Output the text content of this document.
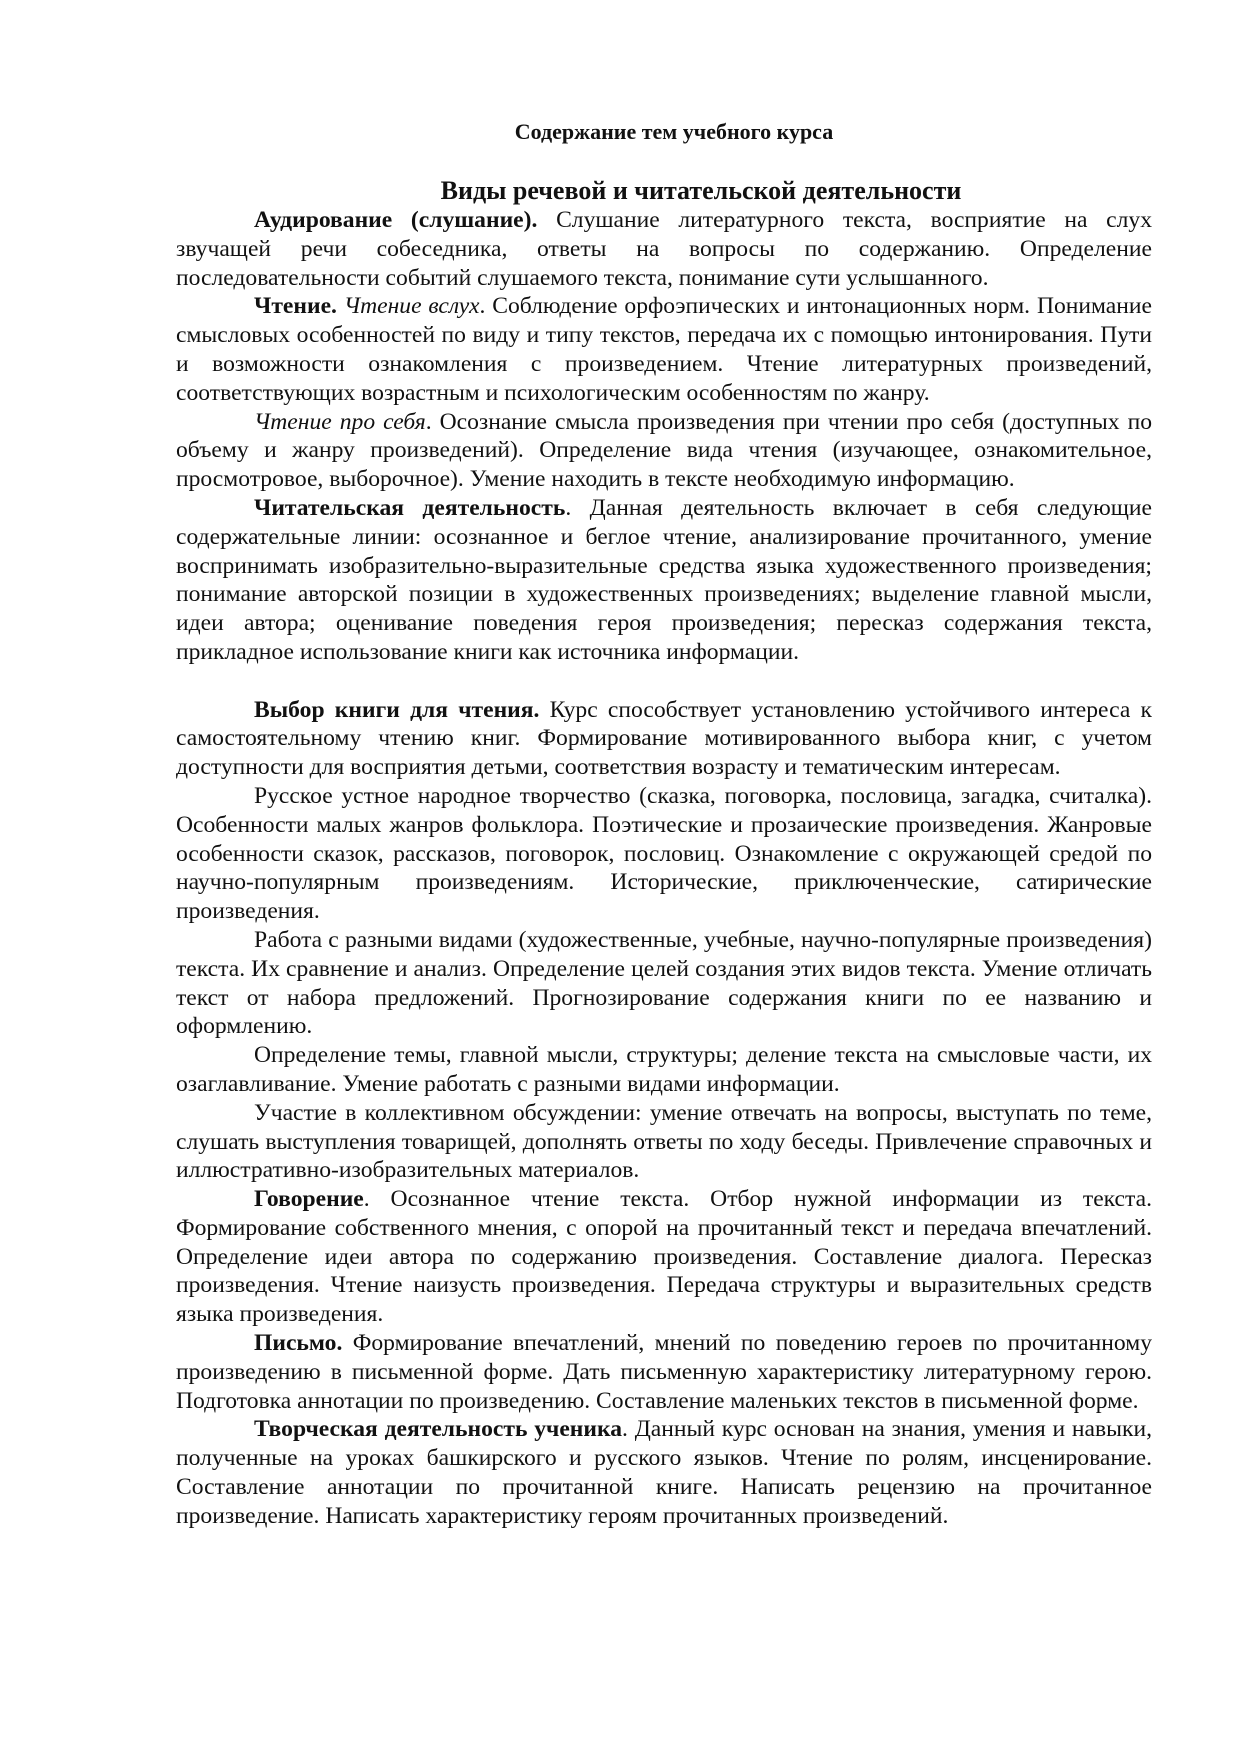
Содержание тем учебного курса
Виды речевой и читательской деятельности

Аудирование (слушание). Слушание литературного текста, восприятие на слух звучащей речи собеседника, ответы на вопросы по содержанию. Определение последовательности событий слушаемого текста, понимание сути услышанного.

Чтение. Чтение вслух. Соблюдение орфоэпических и интонационных норм. Понимание смысловых особенностей по виду и типу текстов, передача их с помощью интонирования. Пути и возможности ознакомления с произведением. Чтение литературных произведений, соответствующих возрастным и психологическим особенностям по жанру.

Чтение про себя. Осознание смысла произведения при чтении про себя (доступных по объему и жанру произведений). Определение вида чтения (изучающее, ознакомительное, просмотровое, выборочное). Умение находить в тексте необходимую информацию.

Читательская деятельность. Данная деятельность включает в себя следующие содержательные линии: осознанное и беглое чтение, анализирование прочитанного, умение воспринимать изобразительно-выразительные средства языка художественного произведения; понимание авторской позиции в художественных произведениях; выделение главной мысли, идеи автора; оценивание поведения героя произведения; пересказ содержания текста, прикладное использование книги как источника информации.

Выбор книги для чтения. Курс способствует установлению устойчивого интереса к самостоятельному чтению книг. Формирование мотивированного выбора книг, с учетом доступности для восприятия детьми, соответствия возрасту и тематическим интересам.

Русское устное народное творчество (сказка, поговорка, пословица, загадка, считалка). Особенности малых жанров фольклора. Поэтические и прозаические произведения. Жанровые особенности сказок, рассказов, поговорок, пословиц. Ознакомление с окружающей средой по научно-популярным произведениям. Исторические, приключенческие, сатирические произведения.

Работа с разными видами (художественные, учебные, научно-популярные произведения) текста. Их сравнение и анализ. Определение целей создания этих видов текста. Умение отличать текст от набора предложений. Прогнозирование содержания книги по ее названию и оформлению.

Определение темы, главной мысли, структуры; деление текста на смысловые части, их озаглавливание. Умение работать с разными видами информации.

Участие в коллективном обсуждении: умение отвечать на вопросы, выступать по теме, слушать выступления товарищей, дополнять ответы по ходу беседы. Привлечение справочных и иллюстративно-изобразительных материалов.

Говорение. Осознанное чтение текста. Отбор нужной информации из текста. Формирование собственного мнения, с опорой на прочитанный текст и передача впечатлений. Определение идеи автора по содержанию произведения. Составление диалога. Пересказ произведения. Чтение наизусть произведения. Передача структуры и выразительных средств языка произведения.

Письмо. Формирование впечатлений, мнений по поведению героев по прочитанному произведению в письменной форме. Дать письменную характеристику литературному герою. Подготовка аннотации по произведению. Составление маленьких текстов в письменной форме.

Творческая деятельность ученика. Данный курс основан на знания, умения и навыки, полученные на уроках башкирского и русского языков. Чтение по ролям, инсценирование. Составление аннотации по прочитанной книге. Написать рецензию на прочитанное произведение. Написать характеристику героям прочитанных произведений.
